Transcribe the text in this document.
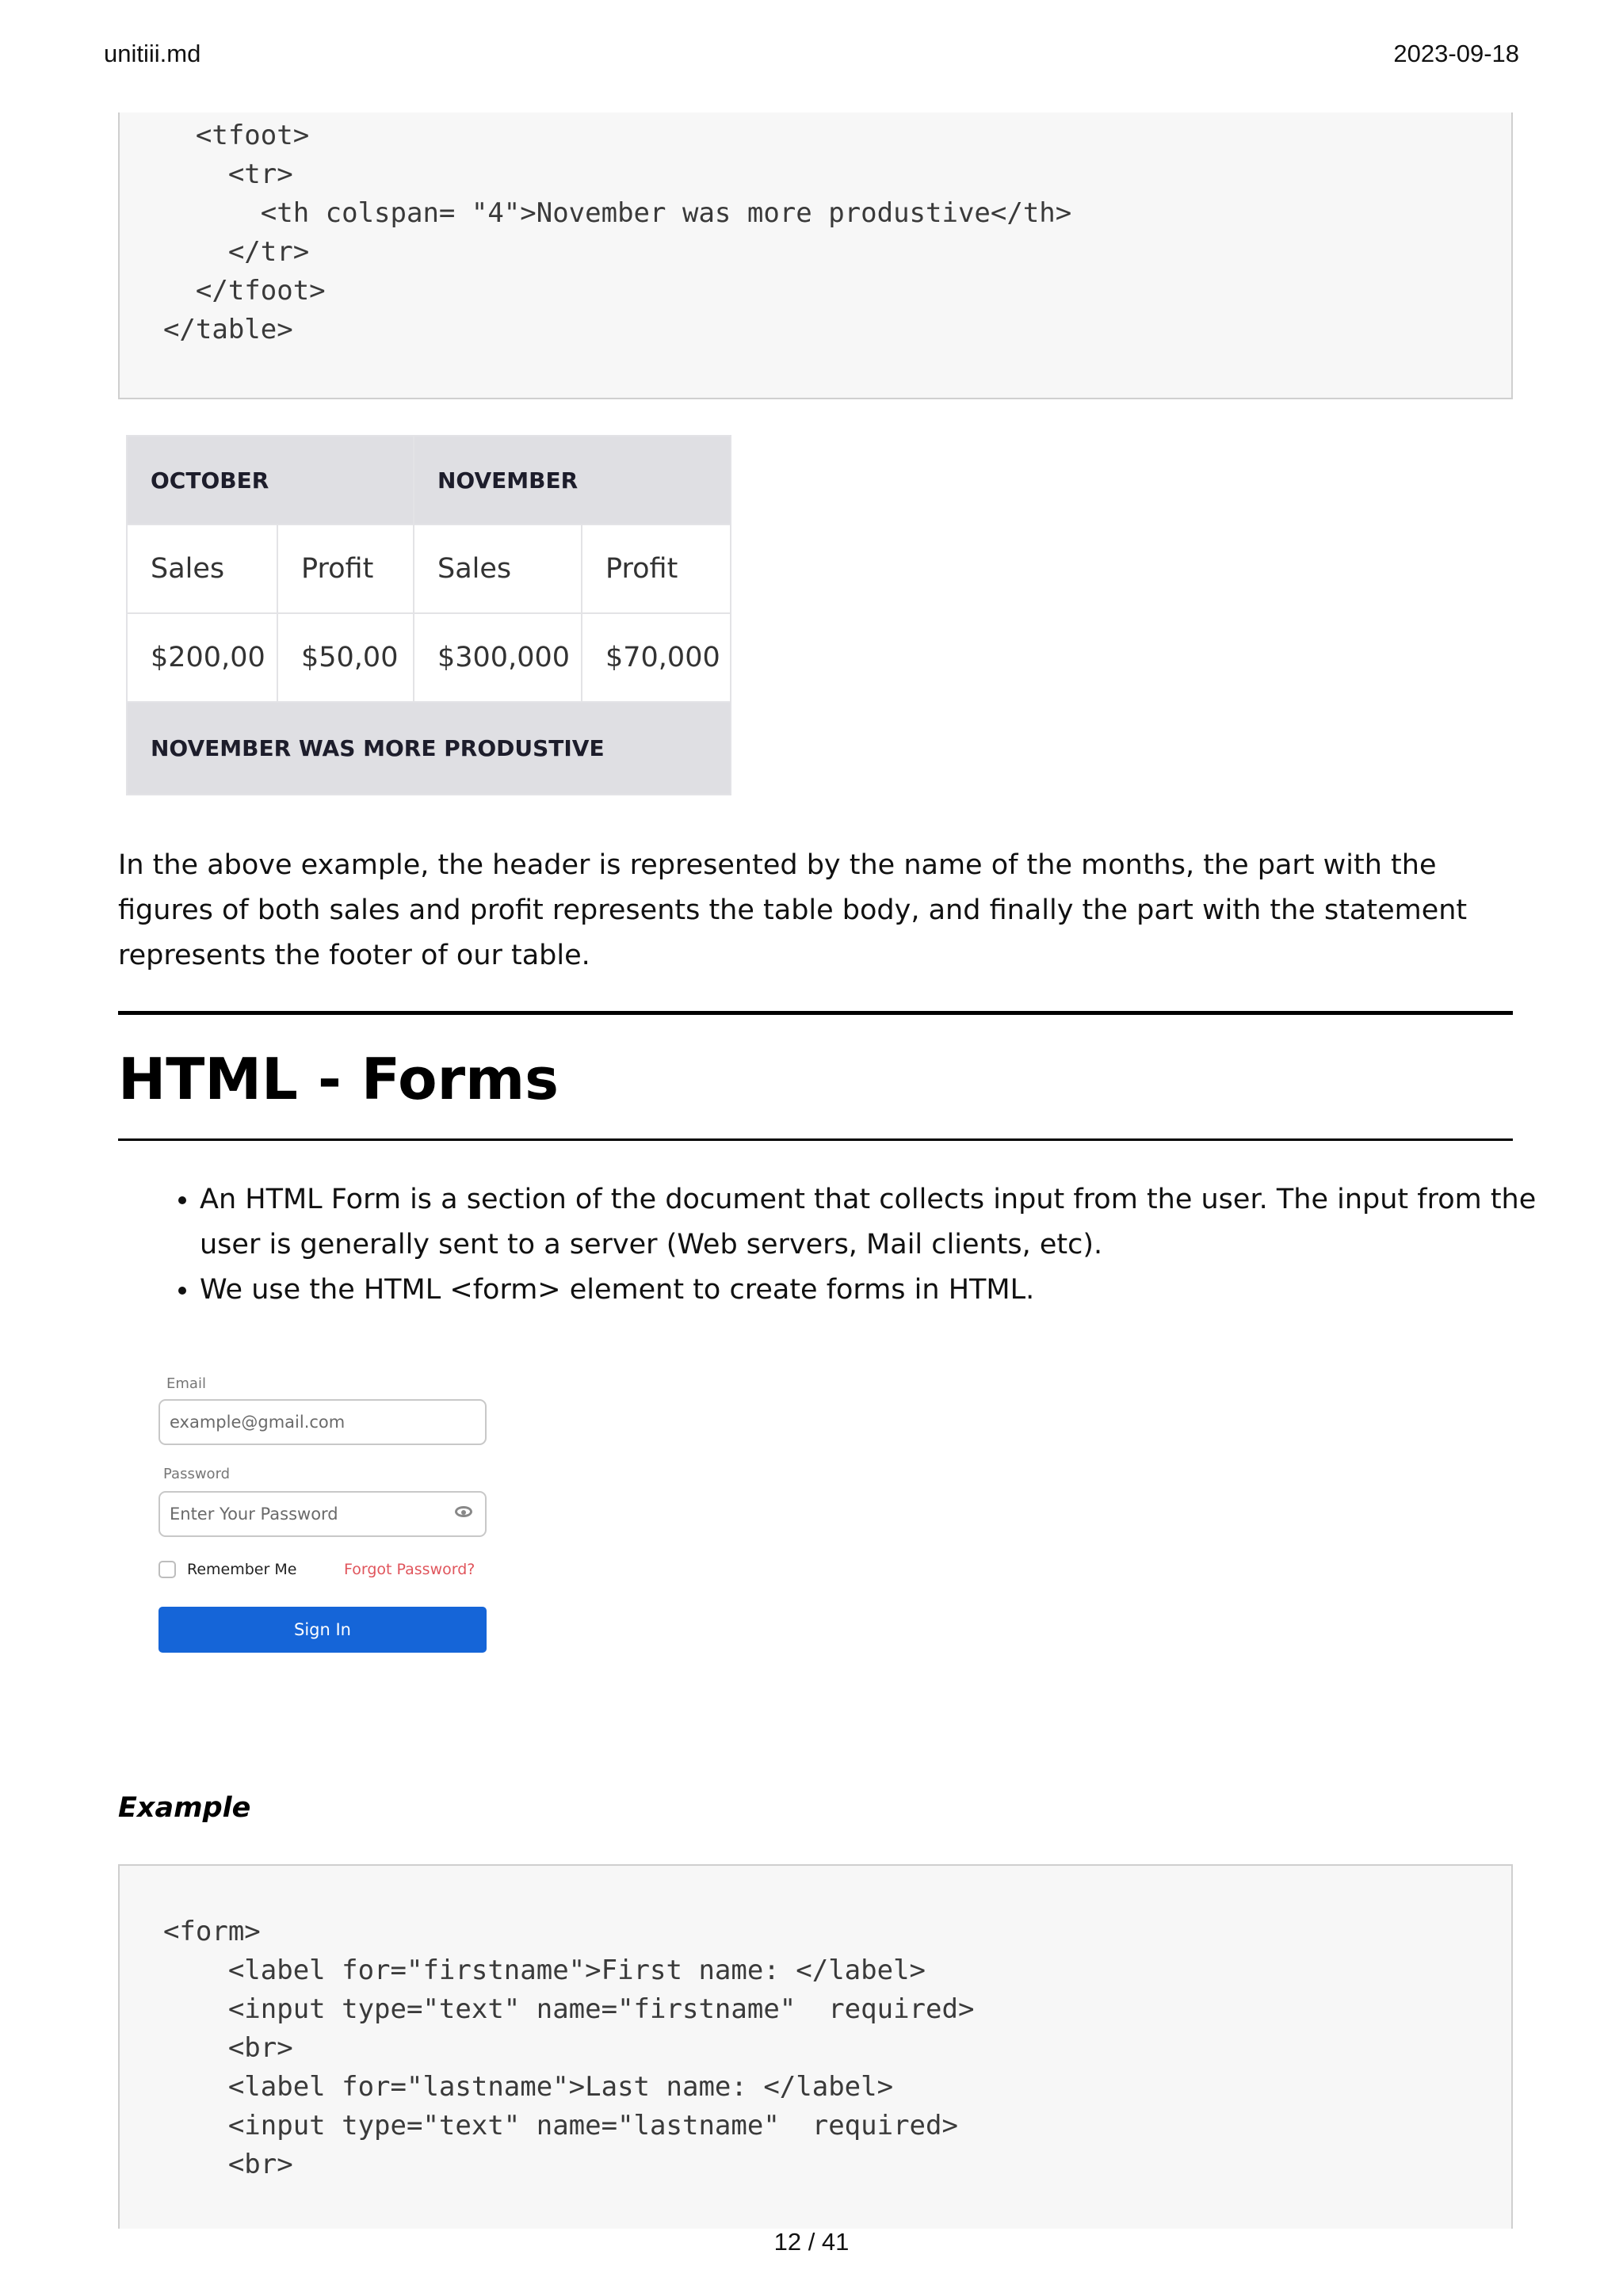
unitiii.md	2023-09-18
<tfoot>
<tr>
<th colspan= "4">November was more produstive</th>
</tr>
</tfoot>
</table>
OCTOBER		NOVEMBER	
Sales	Profit	Sales	Profit
$200,00	$50,00	$300,000	$70,000
NOVEMBER WAS MORE PRODUSTIVE			
In the above example, the header is represented by the name of the months, the part with the figures of both sales and profit represents the table body, and finally the part with the statement represents the footer of our table.
HTML - Forms
• An HTML Form is a section of the document that collects input from the user. The input from the user is generally sent to a server (Web servers, Mail clients, etc).
• We use the HTML <form> element to create forms in HTML.
Email
example@gmail.com
Password
Enter Your Password
Remember Me	Forgot Password?
Sign In
Example
<form>
<label for="firstname">First name: </label>
<input type="text" name="firstname"  required>
<br>
<label for="lastname">Last name: </label>
<input type="text" name="lastname"  required>
<br>
12 / 41
